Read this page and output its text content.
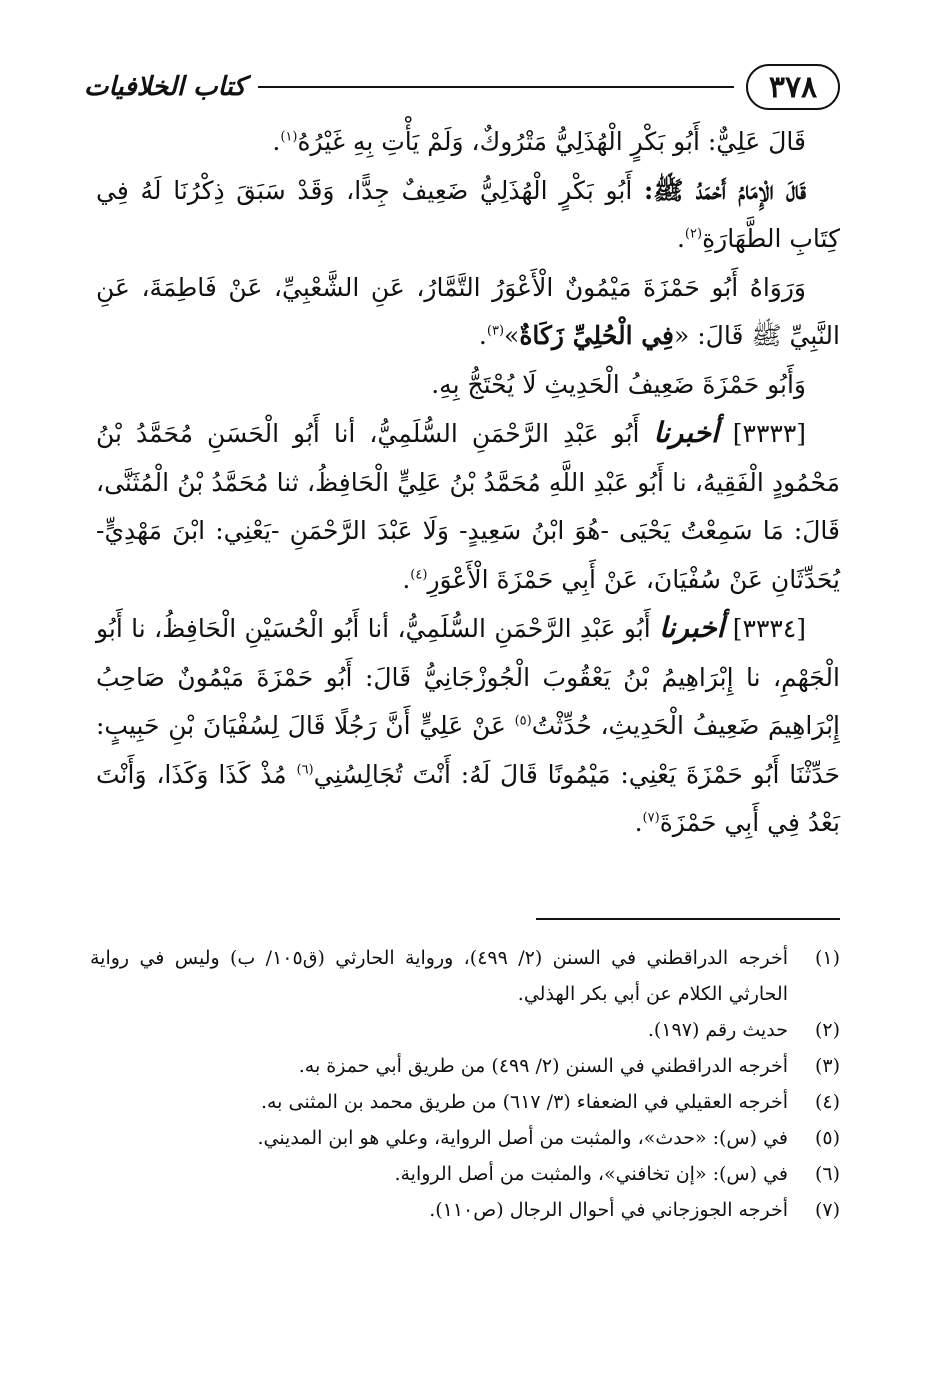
٣٧٨
كتاب الخلافيات

قَالَ عَلِيٌّ: أَبُو بَكْرٍ الْهُذَلِيُّ مَتْرُوكٌ، وَلَمْ يَأْتِ بِهِ غَيْرُهُ$^{(١)}$.

قَالَ الْإِمَامُ أَحْمَدُ ﷺ: أَبُو بَكْرٍ الْهُذَلِيُّ ضَعِيفٌ جِدًّا، وَقَدْ سَبَقَ ذِكْرُنَا لَهُ فِي كِتَابِ الطَّهَارَةِ$^{(٢)}$.

وَرَوَاهُ أَبُو حَمْزَةَ مَيْمُونٌ الْأَعْوَرُ التَّمَّارُ، عَنِ الشَّعْبِيِّ، عَنْ فَاطِمَةَ، عَنِ النَّبِيِّ ﷺ قَالَ: «فِي الْحُلِيِّ زَكَاةٌ»$^{(٣)}$.

وَأَبُو حَمْزَةَ ضَعِيفُ الْحَدِيثِ لَا يُحْتَجُّ بِهِ.

[٣٣٣٣] أخبرنا أَبُو عَبْدِ الرَّحْمَنِ السُّلَمِيُّ، أنا أَبُو الْحَسَنِ مُحَمَّدُ بْنُ مَحْمُودٍ الْفَقِيهُ، نا أَبُو عَبْدِ اللَّهِ مُحَمَّدُ بْنُ عَلِيٍّ الْحَافِظُ، ثنا مُحَمَّدُ بْنُ الْمُثَنَّى، قَالَ: مَا سَمِعْتُ يَحْيَى -هُوَ ابْنُ سَعِيدٍ- وَلَا عَبْدَ الرَّحْمَنِ -يَعْنِي: ابْنَ مَهْدِيٍّ- يُحَدِّثَانِ عَنْ سُفْيَانَ، عَنْ أَبِي حَمْزَةَ الْأَعْوَرِ$^{(٤)}$.

[٣٣٣٤] أخبرنا أَبُو عَبْدِ الرَّحْمَنِ السُّلَمِيُّ، أنا أَبُو الْحُسَيْنِ الْحَافِظُ، نا أَبُو الْجَهْمِ، نا إِبْرَاهِيمُ بْنُ يَعْقُوبَ الْجُوزْجَانِيُّ قَالَ: أَبُو حَمْزَةَ مَيْمُونٌ صَاحِبُ إِبْرَاهِيمَ ضَعِيفُ الْحَدِيثِ، حُدِّثْتُ$^{(٥)}$ عَنْ عَلِيٍّ أَنَّ رَجُلًا قَالَ لِسُفْيَانَ بْنِ حَبِيبٍ: حَدِّثْنَا أَبُو حَمْزَةَ يَعْنِي: مَيْمُونًا قَالَ لَهُ: أَنْتَ تُجَالِسُنِي$^{(٦)}$ مُذْ كَذَا وَكَذَا، وَأَنْتَ بَعْدُ فِي أَبِي حَمْزَةَ$^{(٧)}$.

(١)
أخرجه الدراقطني في السنن (٢/ ٤٩٩)، ورواية الحارثي (ق١٠٥/ ب) وليس في رواية الحارثي الكلام عن أبي بكر الهذلي.
(٢)
حديث رقم (١٩٧).
(٣)
أخرجه الدراقطني في السنن (٢/ ٤٩٩) من طريق أبي حمزة به.
(٤)
أخرجه العقيلي في الضعفاء (٣/ ٦١٧) من طريق محمد بن المثنى به.
(٥)
في (س): «حدث»، والمثبت من أصل الرواية، وعلي هو ابن المديني.
(٦)
في (س): «إن تخافني»، والمثبت من أصل الرواية.
(٧)
أخرجه الجوزجاني في أحوال الرجال (ص١١٠).
